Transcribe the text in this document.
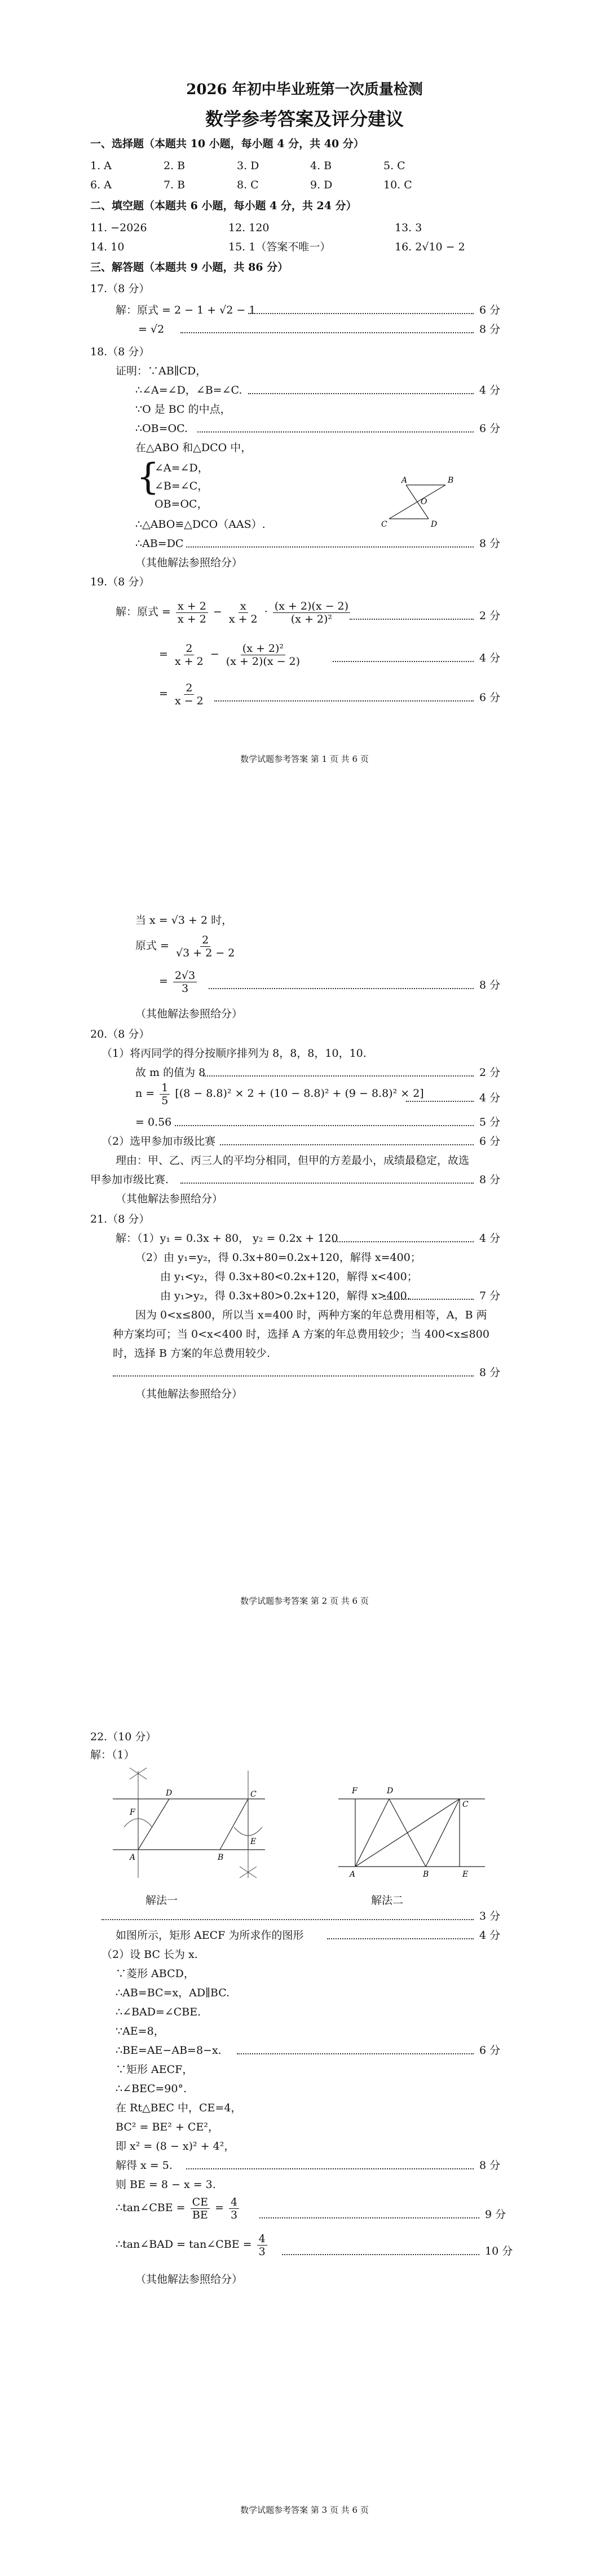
2026 年初中毕业班第一次质量检测
数学参考答案及评分建议
一、选择题（本题共 10 小题，每小题 4 分，共 40 分）
1. A	2. B	3. D	4. B	5. C
6. A	7. B	8. C	9. D	10. C
二、填空题（本题共 6 小题，每小题 4 分，共 24 分）
11. −2026	12. 120	13. 3
14. 10	15. 1（答案不唯一）	16. 2√10 − 2
三、解答题（本题共 9 小题，共 86 分）
17.（8 分）
解：原式 = 2 − 1 + √2 − 1	6 分
= √2	8 分
18.（8 分）
证明：∵AB∥CD，
∴∠A=∠D，∠B=∠C.	4 分
∵O 是 BC 的中点，
∴OB=OC.	6 分
在△ABO 和△DCO 中，
{
∠A=∠D，
∠B=∠C，
OB=OC，
∴△ABO≌△DCO（AAS）.
∴AB=DC	8 分
（其他解法参照给分）
A	B
O
C	D
19.（8 分）
解：原式 = $\frac{x + 2}{x + 2} - \frac{x}{x + 2} \cdot \frac{(x + 2)(x - 2)}{\text{(x + 2)²}}$	2 分
= $\frac{2}{x + 2} - \frac{\text{(x + 2)²}}{(x + 2)(x - 2)}$	4 分
= $\frac{2}{x - 2}$	6 分
数学试题参考答案 第 1 页 共 6 页
当 x = √3 + 2 时，
原式 = $\frac{2}{√3 + 2 - 2}$
= $\frac{2√3}{3}$	8 分
（其他解法参照给分）
20.（8 分）
（1）将丙同学的得分按顺序排列为 8，8，8，10，10.
故 m 的值为 8	2 分
$n = \frac{1}{5} [(8 - 8.8)^2 \times 2 + (10 - 8.8)^2 + (9 - 8.8)^2 \times 2]$	4 分
= 0.56	5 分
（2）选甲参加市级比赛	6 分
理由：甲、乙、丙三人的平均分相同，但甲的方差最小，成绩最稳定，故选
甲参加市级比赛.	8 分
（其他解法参照给分）
21.（8 分）
解：（1）y₁ = 0.3x + 80， y₂ = 0.2x + 120	4 分
（2）由 y₁=y₂，得 0.3x+80=0.2x+120，解得 x=400；
由 y₁<y₂，得 0.3x+80<0.2x+120，解得 x<400；
由 y₁>y₂，得 0.3x+80>0.2x+120，解得 x>400.	7 分
因为 0<x≤800，所以当 x=400 时，两种方案的年总费用相等，A，B 两
种方案均可；当 0<x<400 时，选择 A 方案的年总费用较少；当 400<x≤800
时，选择 B 方案的年总费用较少.
8 分
（其他解法参照给分）
数学试题参考答案 第 2 页 共 6 页
22.（10 分）
解：（1）
D	C
F
A	B
E
F	D
C
A	B	E
解法一	解法二
3 分
如图所示，矩形 AECF 为所求作的图形	4 分
（2）设 BC 长为 x.
∵菱形 ABCD，
∴AB=BC=x，AD∥BC.
∴∠BAD=∠CBE.
∵AE=8，
∴BE=AE−AB=8−x.	6 分
∵矩形 AECF，
∴∠BEC=90°.
在 Rt△BEC 中，CE=4，
BC² = BE² + CE²，
即 x² = (8 − x)² + 4²，
解得 x = 5.	8 分
则 BE = 8 − x = 3.
∴tan∠CBE = $\frac{CE}{BE} = \frac{4}{3}$	9 分
∴tan∠BAD = tan∠CBE = $\frac{4}{3}$	10 分
（其他解法参照给分）
数学试题参考答案 第 3 页 共 6 页
